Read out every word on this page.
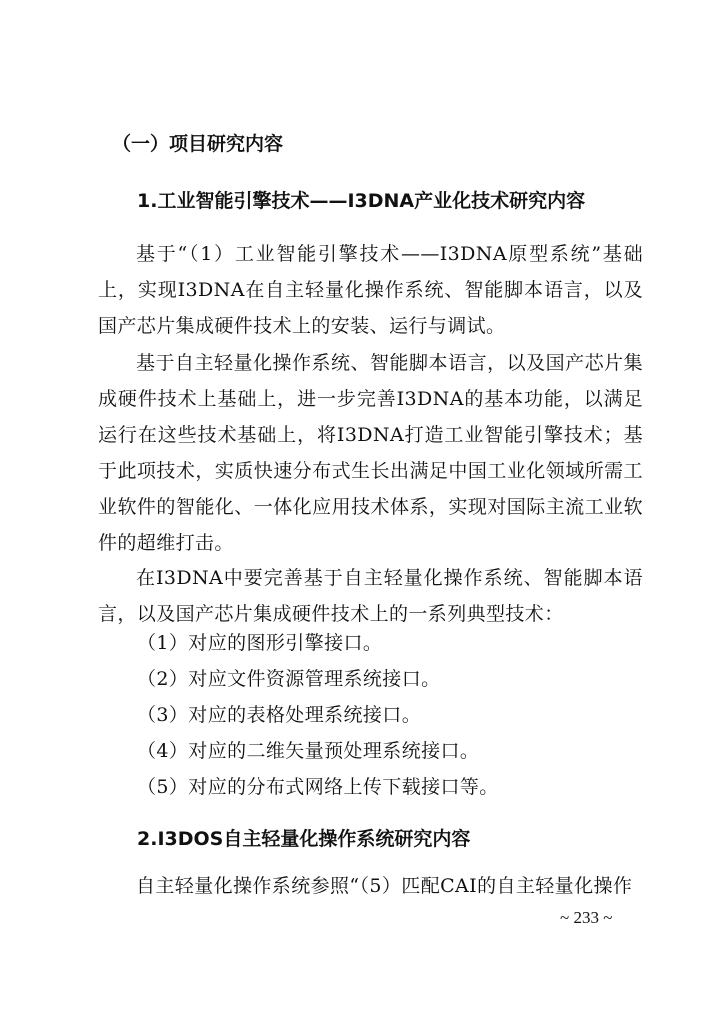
（一）项目研究内容
1.工业智能引擎技术——I3DNA产业化技术研究内容

基于“（1）工业智能引擎技术——I3DNA原型系统”基础上，实现I3DNA在自主轻量化操作系统、智能脚本语言，以及国产芯片集成硬件技术上的安装、运行与调试。

基于自主轻量化操作系统、智能脚本语言，以及国产芯片集成硬件技术上基础上，进一步完善I3DNA的基本功能，以满足运行在这些技术基础上，将I3DNA打造工业智能引擎技术；基于此项技术，实质快速分布式生长出满足中国工业化领域所需工业软件的智能化、一体化应用技术体系，实现对国际主流工业软件的超维打击。

在I3DNA中要完善基于自主轻量化操作系统、智能脚本语言，以及国产芯片集成硬件技术上的一系列典型技术：

（1）对应的图形引擎接口。
（2）对应文件资源管理系统接口。
（3）对应的表格处理系统接口。
（4）对应的二维矢量预处理系统接口。
（5）对应的分布式网络上传下载接口等。
2.I3DOS自主轻量化操作系统研究内容

自主轻量化操作系统参照“（5）匹配CAI的自主轻量化操作

~ 233 ~
